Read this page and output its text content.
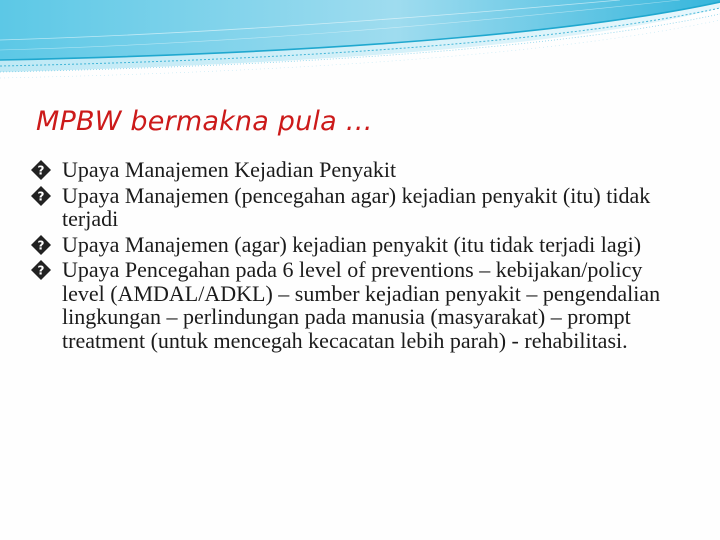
MPBW bermakna pula …
? Upaya Manajemen Kejadian Penyakit
? Upaya Manajemen (pencegahan agar) kejadian penyakit (itu) tidak terjadi
? Upaya Manajemen (agar) kejadian penyakit (itu tidak terjadi lagi)
? Upaya Pencegahan pada 6 level of preventions – kebijakan/policy level (AMDAL/ADKL) – sumber kejadian penyakit – pengendalian lingkungan – perlindungan pada manusia (masyarakat) – prompt treatment (untuk mencegah kecacatan lebih parah) - rehabilitasi.
